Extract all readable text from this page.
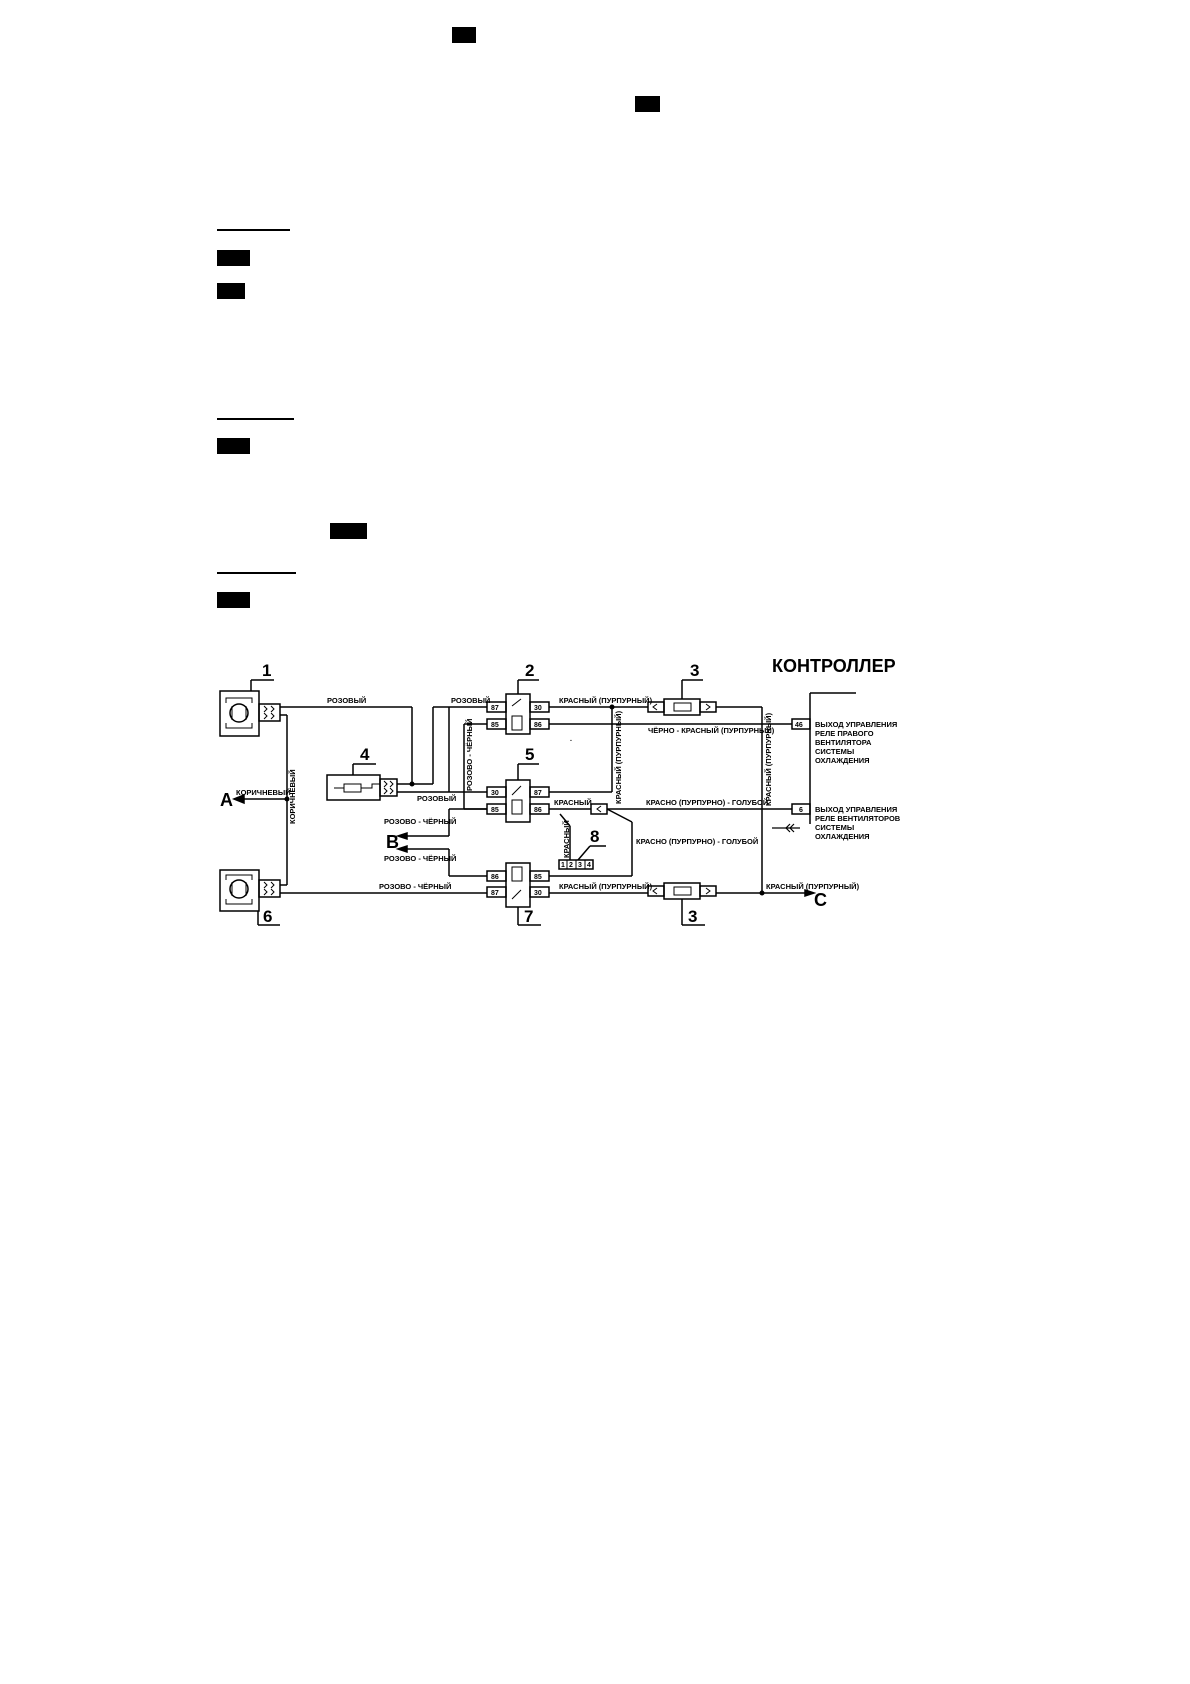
КОНТРОЛЛЕР
46
6
ВЫХОД УПРАВЛЕНИЯ
РЕЛЕ ПРАВОГО
ВЕНТИЛЯТОРА
СИСТЕМЫ
ОХЛАЖДЕНИЯ
ВЫХОД УПРАВЛЕНИЯ
РЕЛЕ ВЕНТИЛЯТОРОВ
СИСТЕМЫ
ОХЛАЖДЕНИЯ
1
6
4
87
85
30
86
2
30
85
87
86
5
86
87
85
30
7
3
3
1 2 3 4
8
РОЗОВЫЙ	РОЗОВЫЙ
РОЗОВЫЙ
КОРИЧНЕВЫЙ
КОРИЧНЕВЫЙ
РОЗОВО - ЧЁРНЫЙ
РОЗОВО - ЧЁРНЫЙ
РОЗОВО - ЧЁРНЫЙ
РОЗОВО - ЧЁРНЫЙ
КРАСНЫЙ (ПУРПУРНЫЙ)
КРАСНЫЙ (ПУРПУРНЫЙ)	КРАСНЫЙ (ПУРПУРНЫЙ)
КРАСНЫЙ (ПУРПУРНЫЙ)	КРАСНЫЙ (ПУРПУРНЫЙ)
ЧЁРНО - КРАСНЫЙ (ПУРПУРНЫЙ)
КРАСНЫЙ
КРАСНЫЙ
КРАСНО (ПУРПУРНО) - ГОЛУБОЙ
КРАСНО (ПУРПУРНО) - ГОЛУБОЙ
A
B
C
.
